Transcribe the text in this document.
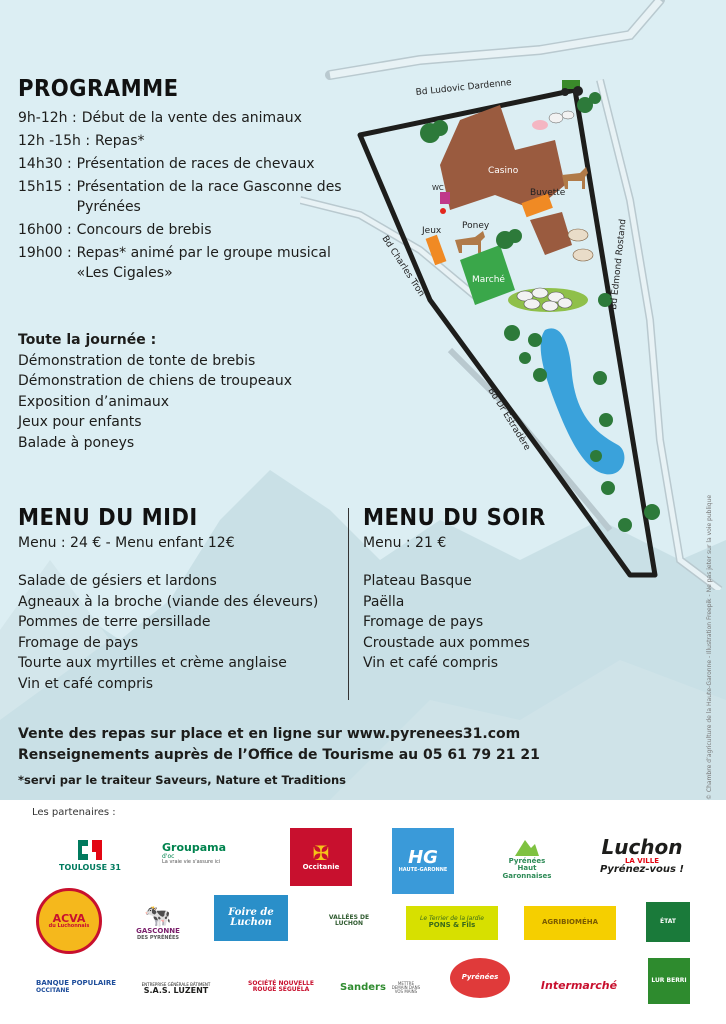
Casino
Buvette
WC
Jeux Poney
Marché
Bd Ludovic Dardenne
Bd Edmond Rostand
Bd Charles Tron
Bd Dr Estradère
PROGRAMME
9h-12h : Début de la vente des animaux
12h -15h : Repas*
14h30 : Présentation de races de chevaux
15h15 : Présentation de la race Gasconne des Pyrénées
16h00 : Concours de brebis
19h00 : Repas* animé par le groupe musical «Les Cigales»
Toute la journée :
Démonstration de tonte de brebis
Démonstration de chiens de troupeaux
Exposition d’animaux
Jeux pour enfants
Balade à poneys
MENU DU MIDI
Menu : 24 € - Menu enfant 12€
Salade de gésiers et lardons
Agneaux à la broche (viande des éleveurs)
Pommes de terre persillade
Fromage de pays
Tourte aux myrtilles et crème anglaise
Vin et café compris
MENU DU SOIR
Menu : 21 €
Plateau Basque
Paëlla
Fromage de pays
Croustade aux pommes
Vin et café compris
Vente des repas sur place et en ligne sur www.pyrenees31.com
Renseignements auprès de l’Office de Tourisme au 05 61 79 21 21
*servi par le traiteur Saveurs, Nature et Traditions	© Chambre d’agriculture de la Haute-Garonne - Illustration Freepik - Ne pas jeter sur la voie publique
Les partenaires :
TOULOUSE 31
Groupama
d'oc
La vraie vie s'assure ici	✠
Occitanie	HG
HAUTE-GARONNE
Pyrénées
Haut Garonnaises
Luchon
LA VILLE
Pyrénez-vous !
ACVA
du Luchonnais 🐄
GASCONNE
DES PYRÉNÉES
Foire de Luchon	VALLÉES DE LUCHON
Le Terrier de la Jardie
PONS & Fils	AGRIBIOMÉHA	ÉTAT
BANQUE POPULAIRE
OCCITANE
ENTREPRISE GÉNÉRALE BÂTIMENT
S.A.S. LUZENT
SOCIÉTÉ NOUVELLE ROUGÉ SÉGUÉLA	Sanders	METTRE DEMAIN DANS VOS MAINS
Pyrénées
Intermarché	LUR BERRI
